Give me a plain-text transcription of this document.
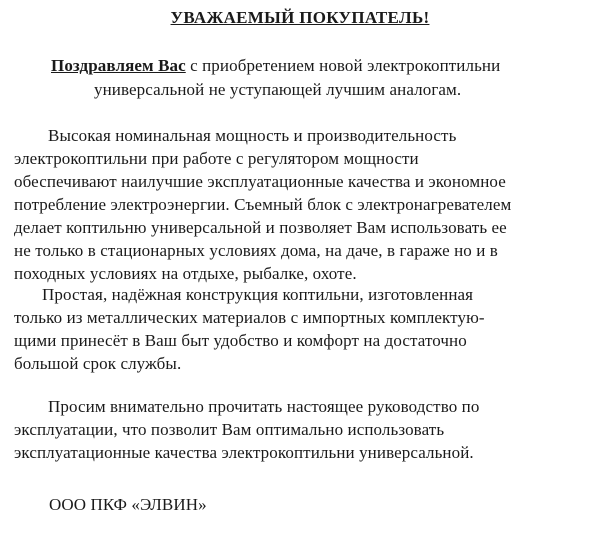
УВАЖАЕМЫЙ ПОКУПАТЕЛЬ!
Поздравляем Вас с приобретением новой электрокоптильни
универсальной не уступающей лучшим аналогам.
Высокая номинальная мощность и производительность
электрокоптильни при работе с регулятором мощности
обеспечивают наилучшие эксплуатационные качества и экономное
потребление электроэнергии. Съемный блок с электронагревателем
делает коптильню универсальной и позволяет Вам использовать ее
не только в стационарных условиях дома, на даче, в гараже но и в
походных условиях на отдыхе, рыбалке, охоте.
Простая, надёжная конструкция коптильни, изготовленная
только из металлических материалов с импортных комплектую-
щими принесёт в Ваш быт удобство и комфорт на достаточно
большой срок службы.
Просим внимательно прочитать настоящее руководство по
эксплуатации, что позволит Вам оптимально использовать
эксплуатационные качества электрокоптильни универсальной.
ООО ПКФ «ЭЛВИН»
